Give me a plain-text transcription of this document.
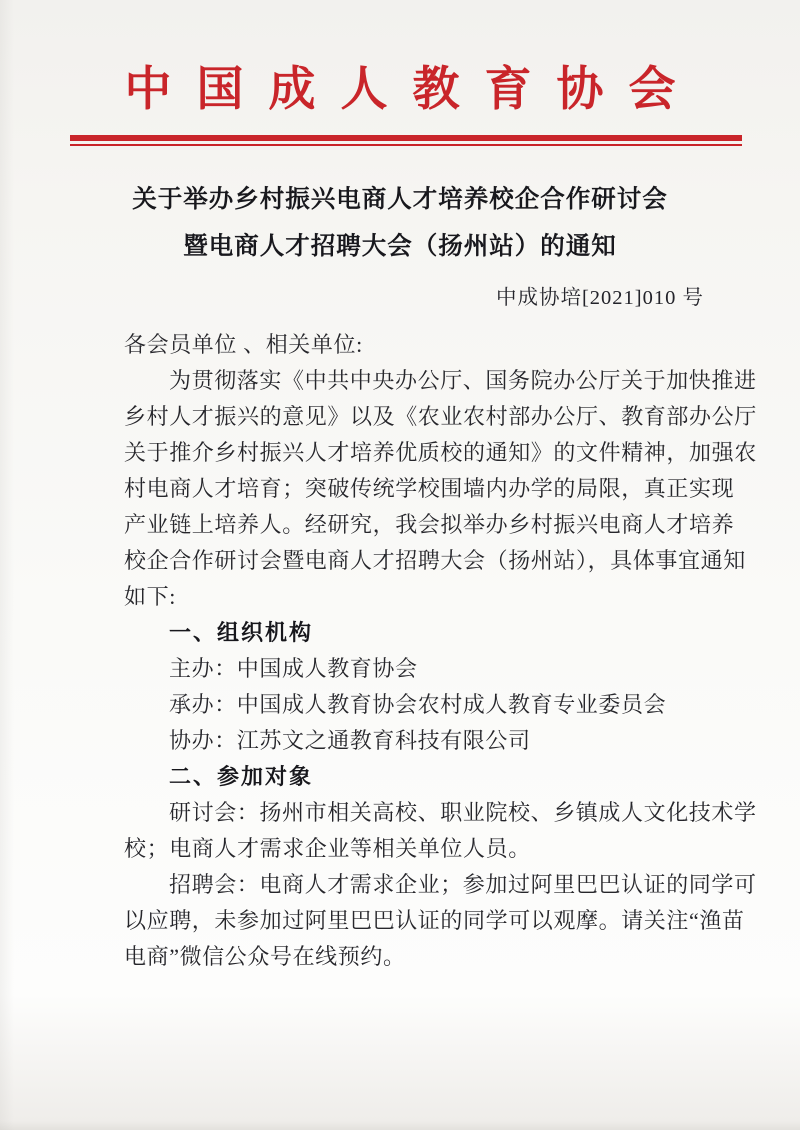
中国成人教育协会
关于举办乡村振兴电商人才培养校企合作研讨会
暨电商人才招聘大会（扬州站）的通知
中成协培[2021]010 号
各会员单位 、相关单位:
为贯彻落实《中共中央办公厅、国务院办公厅关于加快推进
乡村人才振兴的意见》以及《农业农村部办公厅、教育部办公厅
关于推介乡村振兴人才培养优质校的通知》的文件精神，加强农
村电商人才培育；突破传统学校围墙内办学的局限，真正实现
产业链上培养人。经研究，我会拟举办乡村振兴电商人才培养
校企合作研讨会暨电商人才招聘大会（扬州站），具体事宜通知
如下:
一、组织机构
主办：中国成人教育协会
承办：中国成人教育协会农村成人教育专业委员会
协办：江苏文之通教育科技有限公司
二、参加对象
研讨会：扬州市相关高校、职业院校、乡镇成人文化技术学
校；电商人才需求企业等相关单位人员。
招聘会：电商人才需求企业；参加过阿里巴巴认证的同学可
以应聘，未参加过阿里巴巴认证的同学可以观摩。请关注“渔苗
电商”微信公众号在线预约。
